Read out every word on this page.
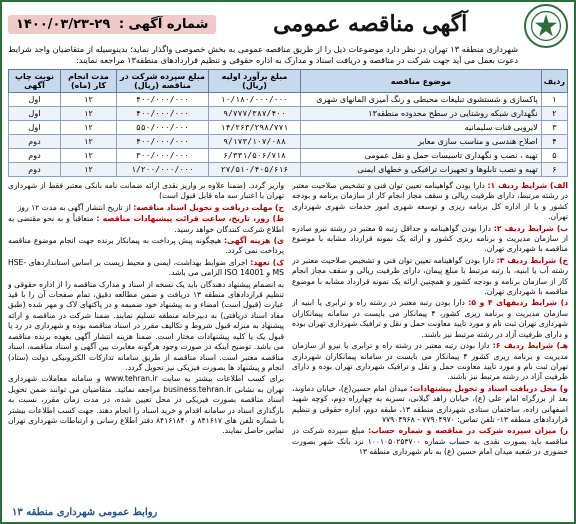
آگهی مناقصه عمومی
شماره آگهی : ۲۹-۱۴۰۰/۰۳/۲۳

شهرداری منطقه ۱۳ تهران در نظر دارد موضوعات ذیل را از طریق مناقصه عمومی به بخش خصوصی واگذار نماید؛ بدینوسیله از متقاضیان واجد شرایط دعوت بعمل می آید جهت شرکت در مناقصه و دریافت اسناد و مدارک به اداره حقوقی و تنظیم قراردادهای منطقه۱۳ مراجعه نمایند:

ردیف	موضوع مناقصه	مبلغ برآورد اولیه (ریال)	مبلغ سپرده شرکت در مناقصه (ریال)	مدت انجام کار (ماه)	نوبت چاپ آگهی
۱	پاکسازی و شستشوی تبلیغات محیطی و رنگ آمیزی المانهای شهری	۱۰/۱۸۰/۰۰۰/۰۰۰	۴۰۰/۰۰۰/۰۰۰	۱۲	اول
۲	نگهداری شبکه روشنایی در سطح محدوده منطقه۱۳	۹/۷۷۷/۳۸۷/۴۰۰	۴۰۰/۰۰۰/۰۰۰	۱۲	اول
۳	لایروبی قنات سلیمانیه	۱۴/۲۶۳/۲۹۸/۷۷۱	۵۵۰/۰۰۰/۰۰۰	۱۲	اول
۴	اصلاح هندسی و مناسب سازی معابر	۹/۱۷۳/۱۰۷/۰۸۸	۴۰۰/۰۰۰/۰۰۰	۱۲	دوم
۵	تهیه ، نصب و نگهداری تاسیسات حمل و نقل عمومی	۶/۳۳۱/۵۰۶/۷۱۸	۳۰۰/۰۰۰/۰۰۰	۱۲	دوم
۶	تهیه و نصب تابلوها و تجهیزات ترافیکی و خطهای ایمنی	۲۷/۵۱۰/۴۰۵/۶۱۶	۱/۲۰۰/۰۰۰/۰۰۰	۱۲	دوم

الف) شرایط ردیف ۱: دارا بودن گواهینامه تعیین توان فنی و تشخیص صلاحیت معتبر در رشته مرتبط، دارای ظرفیت ریالی و سقف مجاز انجام کار از سازمان برنامه و بودجه کشور و یا از اداره کل برنامه ریزی و توسعه شهری امور خدمات شهری شهرداری تهران.

ب) شرایط ردیف ۲: دارا بودن گواهینامه و حداقل رتبه ۵ معتبر در رشته نیرو صادره از سازمان مدیریت و برنامه ریزی کشور و ارائه یک نمونه قرارداد مشابه با موضوع مناقصه با شهرداری تهران.

ج) شرایط ردیف ۳: دارا بودن گواهینامه تعیین توان فنی و تشخیص صلاحیت معتبر در رشته آب یا ابنیه، با رتبه مرتبط با مبلغ پیمان، دارای ظرفیت ریالی و سقف مجاز انجام کار از سازمان برنامه و بودجه کشور و همچنین ارائه یک نمونه قرارداد مشابه با موضوع مناقصه با شهرداری تهران.

د) شرایط ردیفهای ۴ و ۵: دارا بودن رتبه معتبر در رشته راه و ترابری یا ابنیه از سازمان مدیریت و برنامه ریزی کشور، ۴ پیمانکار می بایست در سامانه پیمانکاران شهرداری تهران ثبت نام و مورد تایید معاونت حمل و نقل و ترافیک شهرداری تهران بوده و دارای ظرفیت آزاد در رشته مرتبط نیز باشند.

هـ) شرایط ردیف ۶: دارا بودن رتبه معتبر در رشته راه و ترابری یا نیرو از سازمان مدیریت و برنامه ریزی کشور ۴ پیمانکار می بایست در سامانه پیمانکاران شهرداری تهران ثبت نام و مورد تایید معاونت حمل و نقل و ترافیک شهرداری تهران بوده و دارای ظرفیت آزاد در رشته مرتبط نیز باشند.

و) محل دریافت اسناد و تحویل پیشنهادات: میدان امام حسین(ع)، خیابان دماوند، بعد از بزرگراه امام علی (ع)، خیابان زاهد گیلانی، تسریه به چهارراه دوم، کوچه شهید اصفهانی زاده، ساختمان ستادی شهرداری منطقه ۱۳، طبقه دوم، اداره حقوقی و تنظیم قراردادهای منطقه ۱۳- تلفن تماس: ۷۷۹۰۴۹۷۰ - ۷۷۹۰۴۹۶۸

ز) میزان سپرده شرکت در مناقصه و شماره حساب: مبلغ سپرده شرکت در مناقصه باید بصورت نقدی به حساب شماره ۱۰۰۱۰۵۰۲۵۳۷۰۰ نزد بانک شهر بصورت حضوری در شعبه میدان امام حسین (ع) به نام شهرداری منطقه ۱۳

واریز گردد. (ضمنا علاوه بر واریز نقدی ارائه ضمانت نامه بانکی معتبر فقط از شهرداری تهران با اعتبار سه ماه قابل قبول است)

ح) مهلت دریافت و تحویل اسناد مناقصه: از تاریخ انتشار آگهی به مدت ۱۲ روز

ط) روز، تاریخ، ساعت قرائت پیشنهادات مناقصه : متعاقباً و به نحو مقتضی به اطلاع شرکت کنندگان خواهد رسید.

ی) هزینه آگهی: هیچگونه پیش پرداخت به پیمانکار برنده جهت انجام موضوع مناقصه پرداخت نمی گردد.

ک) تعهد: اجرای ضوابط بهداشت، ایمنی و محیط زیست بر اساس استانداردهای HSE-MS و ISO 14001 الزامی می باشد.

به انضمام پیشنهاد دهندگان باید یک نسخه از اسناد و مدارک مناقصه را از اداره حقوقی و تنظیم قراردادهای منطقه ۱۳ دریافت و ضمن مطالعه دقیق، تمام صفحات آن را با قید عبارت (قبول است) امضاء و به پیشنهاد خود ضمیمه و در پاکتهای لاک و مهر شده (طبق مفاد اسناد دریافتی) به دبیرخانه منطقه تسلیم نمایند. ضمنا شرکت در مناقصه و ارائه پیشنهاد به منزله قبول شروط و تکالیف مقرر در اسناد مناقصه بوده و شهرداری در رد یا قبول یک یا کلیه پیشنهادات مختار است. ضمنا هزینه انتشار آگهی بعهده برنده مناقصه می باشد. توضیح اینکه در صورت وجود هرگونه مغایرت بین آگهی و اسناد مناقصه، اسناد مناقصه معتبر است. اسناد مناقصه از طریق سامانه تدارکات الکترونیکی دولت (ستاد) انجام و پیشنهاد ها بصورت فیزیکی نیز تحویل گردد.

برای کسب اطلاعات بیشتر به سایت www.tehran.ir و سامانه معاملات شهرداری تهران به نشانی business.tehran.ir مراجعه نمائید. متقاضیان می توانند ضمن تحویل اسناد مناقصه بصورت فیزیکی در محل تعیین شده، در مدت زمان مقرر، نسبت به بارگذاری اسناد در سامانه اقدام و خرید اسناد را انجام دهند. جهت کسب اطلاعات بیشتر با شماره تلفن های ۸۴۱۶۱۷ و ۸۴۱۶۱۸۴۰ دفتر اطلاع رسانی و ارتباطات شهرداری تهران تماس حاصل نمایند.

روابط عمومی شهرداری منطقه ۱۳
